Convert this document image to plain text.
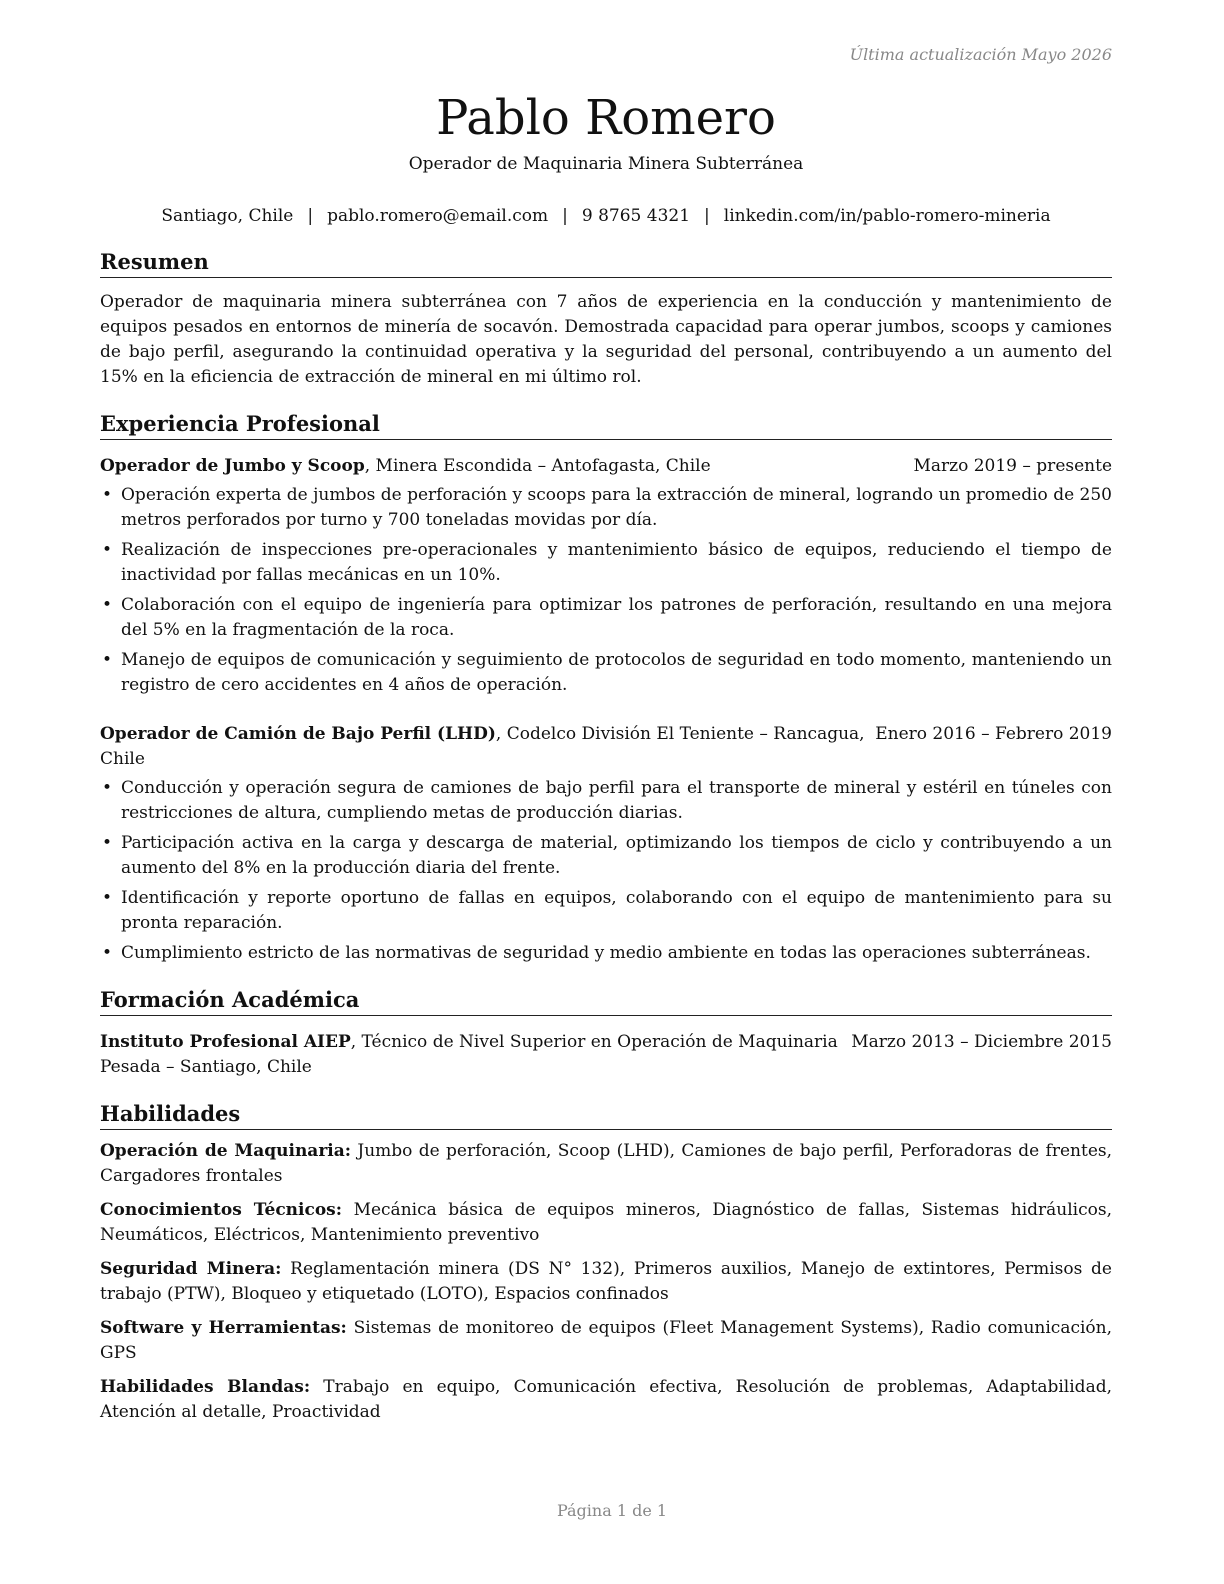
Última actualización Mayo 2026
Pablo Romero
Operador de Maquinaria Minera Subterránea
Santiago, Chile | pablo.romero@email.com | 9 8765 4321 | linkedin.com/in/pablo-romero-mineria
Resumen
Operador de maquinaria minera subterránea con 7 años de experiencia en la conducción y mantenimiento de equipos pesados en entornos de minería de socavón. Demostrada capacidad para operar jumbos, scoops y camiones de bajo perfil, asegurando la continuidad operativa y la seguridad del personal, contribuyendo a un aumento del 15% en la eficiencia de extracción de mineral en mi último rol.
Experiencia Profesional
Operador de Jumbo y Scoop, Minera Escondida – Antofagasta, Chile	Marzo 2019 – presente
• Operación experta de jumbos de perforación y scoops para la extracción de mineral, logrando un promedio de 250 metros perforados por turno y 700 toneladas movidas por día.
• Realización de inspecciones pre-operacionales y mantenimiento básico de equipos, reduciendo el tiempo de inactividad por fallas mecánicas en un 10%.
• Colaboración con el equipo de ingeniería para optimizar los patrones de perforación, resultando en una mejora del 5% en la fragmentación de la roca.
• Manejo de equipos de comunicación y seguimiento de protocolos de seguridad en todo momento, manteniendo un registro de cero accidentes en 4 años de operación.
Operador de Camión de Bajo Perfil (LHD), Codelco División El Teniente – Rancagua, Chile
Enero 2016 – Febrero 2019
• Conducción y operación segura de camiones de bajo perfil para el transporte de mineral y estéril en túneles con restricciones de altura, cumpliendo metas de producción diarias.
• Participación activa en la carga y descarga de material, optimizando los tiempos de ciclo y contribuyendo a un aumento del 8% en la producción diaria del frente.
• Identificación y reporte oportuno de fallas en equipos, colaborando con el equipo de mantenimiento para su pronta reparación.
• Cumplimiento estricto de las normativas de seguridad y medio ambiente en todas las operaciones subterráneas.
Formación Académica
Instituto Profesional AIEP, Técnico de Nivel Superior en Operación de Maquinaria Pesada – Santiago, Chile
Marzo 2013 – Diciembre 2015
Habilidades
Operación de Maquinaria: Jumbo de perforación, Scoop (LHD), Camiones de bajo perfil, Perforadoras de frentes, Cargadores frontales
Conocimientos Técnicos: Mecánica básica de equipos mineros, Diagnóstico de fallas, Sistemas hidráulicos, Neumáticos, Eléctricos, Mantenimiento preventivo
Seguridad Minera: Reglamentación minera (DS N° 132), Primeros auxilios, Manejo de extintores, Permisos de trabajo (PTW), Bloqueo y etiquetado (LOTO), Espacios confinados
Software y Herramientas: Sistemas de monitoreo de equipos (Fleet Management Systems), Radio comunicación, GPS
Habilidades Blandas: Trabajo en equipo, Comunicación efectiva, Resolución de problemas, Adaptabilidad, Atención al detalle, Proactividad
Página 1 de 1
